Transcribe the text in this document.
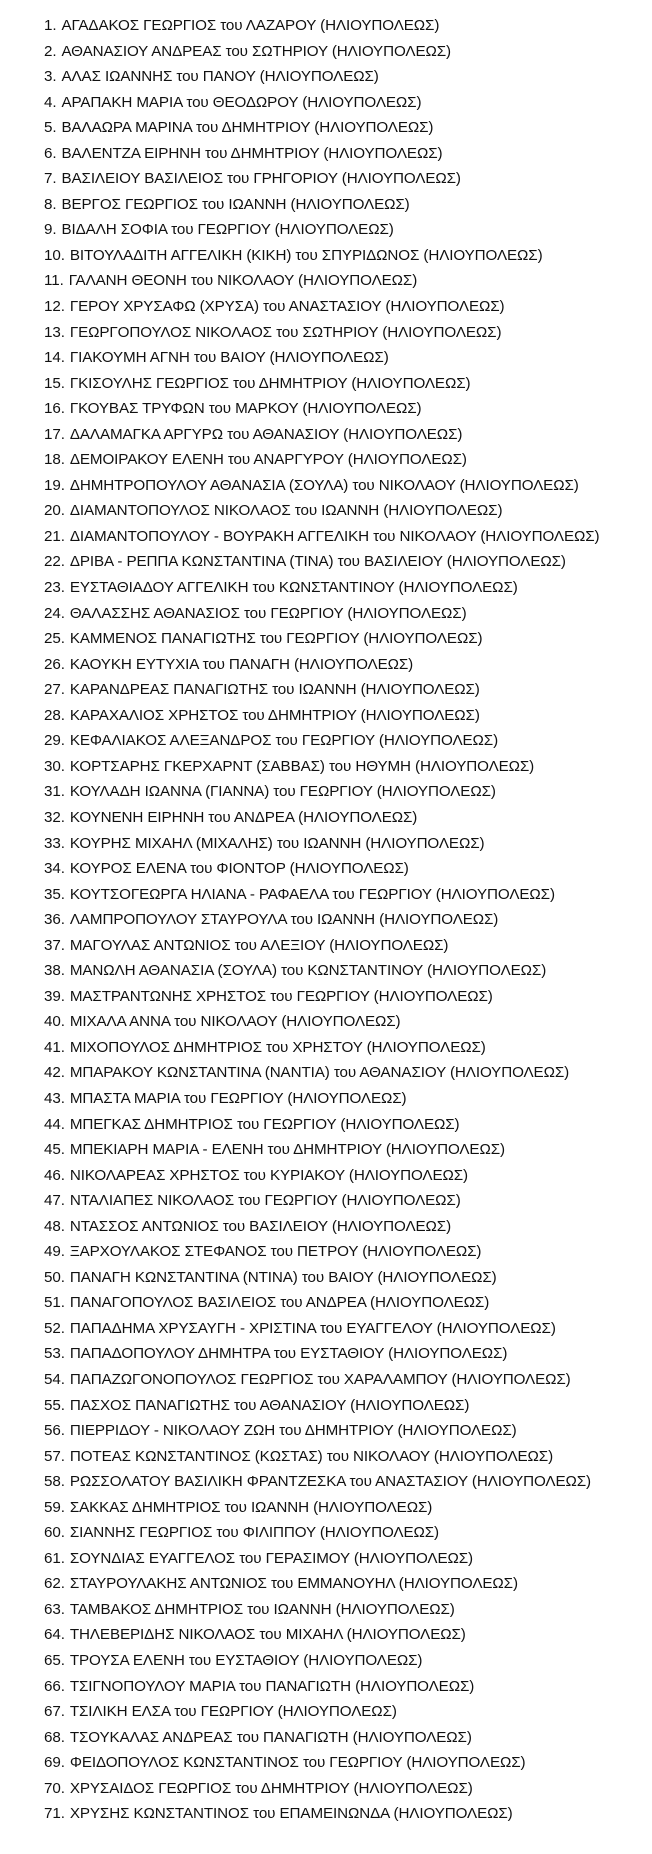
1. ΑΓΑΔΑΚΟΣ ΓΕΩΡΓΙΟΣ του ΛΑΖΑΡΟΥ (ΗΛΙΟΥΠΟΛΕΩΣ)
2. ΑΘΑΝΑΣΙΟΥ ΑΝΔΡΕΑΣ του ΣΩΤΗΡΙΟΥ (ΗΛΙΟΥΠΟΛΕΩΣ)
3. ΑΛΑΣ ΙΩΑΝΝΗΣ του ΠΑΝΟΥ (ΗΛΙΟΥΠΟΛΕΩΣ)
4. ΑΡΑΠΑΚΗ ΜΑΡΙΑ του ΘΕΟΔΩΡΟΥ (ΗΛΙΟΥΠΟΛΕΩΣ)
5. ΒΑΛΑΩΡΑ ΜΑΡΙΝΑ του ΔΗΜΗΤΡΙΟΥ (ΗΛΙΟΥΠΟΛΕΩΣ)
6. ΒΑΛΕΝΤΖΑ ΕΙΡΗΝΗ του ΔΗΜΗΤΡΙΟΥ (ΗΛΙΟΥΠΟΛΕΩΣ)
7. ΒΑΣΙΛΕΙΟΥ ΒΑΣΙΛΕΙΟΣ του ΓΡΗΓΟΡΙΟΥ (ΗΛΙΟΥΠΟΛΕΩΣ)
8. ΒΕΡΓΟΣ ΓΕΩΡΓΙΟΣ του ΙΩΑΝΝΗ (ΗΛΙΟΥΠΟΛΕΩΣ)
9. ΒΙΔΑΛΗ ΣΟΦΙΑ του ΓΕΩΡΓΙΟΥ (ΗΛΙΟΥΠΟΛΕΩΣ)
10. ΒΙΤΟΥΛΑΔΙΤΗ ΑΓΓΕΛΙΚΗ (ΚΙΚΗ) του ΣΠΥΡΙΔΩΝΟΣ (ΗΛΙΟΥΠΟΛΕΩΣ)
11. ΓΑΛΑΝΗ ΘΕΟΝΗ του ΝΙΚΟΛΑΟΥ (ΗΛΙΟΥΠΟΛΕΩΣ)
12. ΓΕΡΟΥ ΧΡΥΣΑΦΩ (ΧΡΥΣΑ) του ΑΝΑΣΤΑΣΙΟΥ (ΗΛΙΟΥΠΟΛΕΩΣ)
13. ΓΕΩΡΓΟΠΟΥΛΟΣ ΝΙΚΟΛΑΟΣ του ΣΩΤΗΡΙΟΥ (ΗΛΙΟΥΠΟΛΕΩΣ)
14. ΓΙΑΚΟΥΜΗ ΑΓΝΗ του ΒΑΙΟΥ (ΗΛΙΟΥΠΟΛΕΩΣ)
15. ΓΚΙΣΟΥΛΗΣ ΓΕΩΡΓΙΟΣ του ΔΗΜΗΤΡΙΟΥ (ΗΛΙΟΥΠΟΛΕΩΣ)
16. ΓΚΟΥΒΑΣ ΤΡΥΦΩΝ του ΜΑΡΚΟΥ (ΗΛΙΟΥΠΟΛΕΩΣ)
17. ΔΑΛΑΜΑΓΚΑ ΑΡΓΥΡΩ του ΑΘΑΝΑΣΙΟΥ (ΗΛΙΟΥΠΟΛΕΩΣ)
18. ΔΕΜΟΙΡΑΚΟΥ ΕΛΕΝΗ του ΑΝΑΡΓΥΡΟΥ (ΗΛΙΟΥΠΟΛΕΩΣ)
19. ΔΗΜΗΤΡΟΠΟΥΛΟΥ ΑΘΑΝΑΣΙΑ (ΣΟΥΛΑ) του ΝΙΚΟΛΑΟΥ (ΗΛΙΟΥΠΟΛΕΩΣ)
20. ΔΙΑΜΑΝΤΟΠΟΥΛΟΣ ΝΙΚΟΛΑΟΣ του ΙΩΑΝΝΗ (ΗΛΙΟΥΠΟΛΕΩΣ)
21. ΔΙΑΜΑΝΤΟΠΟΥΛΟΥ - ΒΟΥΡΑΚΗ ΑΓΓΕΛΙΚΗ του ΝΙΚΟΛΑΟΥ (ΗΛΙΟΥΠΟΛΕΩΣ)
22. ΔΡΙΒΑ - ΡΕΠΠΑ ΚΩΝΣΤΑΝΤΙΝΑ (ΤΙΝΑ) του ΒΑΣΙΛΕΙΟΥ (ΗΛΙΟΥΠΟΛΕΩΣ)
23. ΕΥΣΤΑΘΙΑΔΟΥ ΑΓΓΕΛΙΚΗ του ΚΩΝΣΤΑΝΤΙΝΟΥ (ΗΛΙΟΥΠΟΛΕΩΣ)
24. ΘΑΛΑΣΣΗΣ ΑΘΑΝΑΣΙΟΣ του ΓΕΩΡΓΙΟΥ (ΗΛΙΟΥΠΟΛΕΩΣ)
25. ΚΑΜΜΕΝΟΣ ΠΑΝΑΓΙΩΤΗΣ του ΓΕΩΡΓΙΟΥ (ΗΛΙΟΥΠΟΛΕΩΣ)
26. ΚΑΟΥΚΗ ΕΥΤΥΧΙΑ του ΠΑΝΑΓΗ (ΗΛΙΟΥΠΟΛΕΩΣ)
27. ΚΑΡΑΝΔΡΕΑΣ ΠΑΝΑΓΙΩΤΗΣ του ΙΩΑΝΝΗ (ΗΛΙΟΥΠΟΛΕΩΣ)
28. ΚΑΡΑΧΑΛΙΟΣ ΧΡΗΣΤΟΣ του ΔΗΜΗΤΡΙΟΥ (ΗΛΙΟΥΠΟΛΕΩΣ)
29. ΚΕΦΑΛΙΑΚΟΣ ΑΛΕΞΑΝΔΡΟΣ του ΓΕΩΡΓΙΟΥ (ΗΛΙΟΥΠΟΛΕΩΣ)
30. ΚΟΡΤΣΑΡΗΣ ΓΚΕΡΧΑΡΝΤ (ΣΑΒΒΑΣ) του ΗΘΥΜΗ (ΗΛΙΟΥΠΟΛΕΩΣ)
31. ΚΟΥΛΑΔΗ ΙΩΑΝΝΑ (ΓΙΑΝΝΑ) του ΓΕΩΡΓΙΟΥ (ΗΛΙΟΥΠΟΛΕΩΣ)
32. ΚΟΥΝΕΝΗ ΕΙΡΗΝΗ του ΑΝΔΡΕΑ (ΗΛΙΟΥΠΟΛΕΩΣ)
33. ΚΟΥΡΗΣ ΜΙΧΑΗΛ (ΜΙΧΑΛΗΣ) του ΙΩΑΝΝΗ (ΗΛΙΟΥΠΟΛΕΩΣ)
34. ΚΟΥΡΟΣ ΕΛΕΝΑ του ΦΙΟΝΤΟΡ (ΗΛΙΟΥΠΟΛΕΩΣ)
35. ΚΟΥΤΣΟΓΕΩΡΓΑ ΗΛΙΑΝΑ - ΡΑΦΑΕΛΑ του ΓΕΩΡΓΙΟΥ (ΗΛΙΟΥΠΟΛΕΩΣ)
36. ΛΑΜΠΡΟΠΟΥΛΟΥ ΣΤΑΥΡΟΥΛΑ του ΙΩΑΝΝΗ (ΗΛΙΟΥΠΟΛΕΩΣ)
37. ΜΑΓΟΥΛΑΣ ΑΝΤΩΝΙΟΣ του ΑΛΕΞΙΟΥ (ΗΛΙΟΥΠΟΛΕΩΣ)
38. ΜΑΝΩΛΗ ΑΘΑΝΑΣΙΑ (ΣΟΥΛΑ) του ΚΩΝΣΤΑΝΤΙΝΟΥ (ΗΛΙΟΥΠΟΛΕΩΣ)
39. ΜΑΣΤΡΑΝΤΩΝΗΣ ΧΡΗΣΤΟΣ του ΓΕΩΡΓΙΟΥ (ΗΛΙΟΥΠΟΛΕΩΣ)
40. ΜΙΧΑΛΑ ΑΝΝΑ του ΝΙΚΟΛΑΟΥ (ΗΛΙΟΥΠΟΛΕΩΣ)
41. ΜΙΧΟΠΟΥΛΟΣ ΔΗΜΗΤΡΙΟΣ του ΧΡΗΣΤΟΥ (ΗΛΙΟΥΠΟΛΕΩΣ)
42. ΜΠΑΡΑΚΟΥ ΚΩΝΣΤΑΝΤΙΝΑ (ΝΑΝΤΙΑ) του ΑΘΑΝΑΣΙΟΥ (ΗΛΙΟΥΠΟΛΕΩΣ)
43. ΜΠΑΣΤΑ ΜΑΡΙΑ του ΓΕΩΡΓΙΟΥ (ΗΛΙΟΥΠΟΛΕΩΣ)
44. ΜΠΕΓΚΑΣ ΔΗΜΗΤΡΙΟΣ του ΓΕΩΡΓΙΟΥ (ΗΛΙΟΥΠΟΛΕΩΣ)
45. ΜΠΕΚΙΑΡΗ ΜΑΡΙΑ - ΕΛΕΝΗ του ΔΗΜΗΤΡΙΟΥ (ΗΛΙΟΥΠΟΛΕΩΣ)
46. ΝΙΚΟΛΑΡΕΑΣ ΧΡΗΣΤΟΣ του ΚΥΡΙΑΚΟΥ (ΗΛΙΟΥΠΟΛΕΩΣ)
47. ΝΤΑΛΙΑΠΕΣ ΝΙΚΟΛΑΟΣ του ΓΕΩΡΓΙΟΥ (ΗΛΙΟΥΠΟΛΕΩΣ)
48. ΝΤΑΣΣΟΣ ΑΝΤΩΝΙΟΣ του ΒΑΣΙΛΕΙΟΥ (ΗΛΙΟΥΠΟΛΕΩΣ)
49. ΞΑΡΧΟΥΛΑΚΟΣ ΣΤΕΦΑΝΟΣ του ΠΕΤΡΟΥ (ΗΛΙΟΥΠΟΛΕΩΣ)
50. ΠΑΝΑΓΗ ΚΩΝΣΤΑΝΤΙΝΑ (ΝΤΙΝΑ) του ΒΑΙΟΥ (ΗΛΙΟΥΠΟΛΕΩΣ)
51. ΠΑΝΑΓΟΠΟΥΛΟΣ ΒΑΣΙΛΕΙΟΣ του ΑΝΔΡΕΑ (ΗΛΙΟΥΠΟΛΕΩΣ)
52. ΠΑΠΑΔΗΜΑ ΧΡΥΣΑΥΓΗ - ΧΡΙΣΤΙΝΑ του ΕΥΑΓΓΕΛΟΥ (ΗΛΙΟΥΠΟΛΕΩΣ)
53. ΠΑΠΑΔΟΠΟΥΛΟΥ ΔΗΜΗΤΡΑ του ΕΥΣΤΑΘΙΟΥ (ΗΛΙΟΥΠΟΛΕΩΣ)
54. ΠΑΠΑΖΩΓΟΝΟΠΟΥΛΟΣ ΓΕΩΡΓΙΟΣ του ΧΑΡΑΛΑΜΠΟΥ (ΗΛΙΟΥΠΟΛΕΩΣ)
55. ΠΑΣΧΟΣ ΠΑΝΑΓΙΩΤΗΣ του ΑΘΑΝΑΣΙΟΥ (ΗΛΙΟΥΠΟΛΕΩΣ)
56. ΠΙΕΡΡΙΔΟΥ - ΝΙΚΟΛΑΟΥ ΖΩΗ του ΔΗΜΗΤΡΙΟΥ (ΗΛΙΟΥΠΟΛΕΩΣ)
57. ΠΟΤΕΑΣ ΚΩΝΣΤΑΝΤΙΝΟΣ (ΚΩΣΤΑΣ) του ΝΙΚΟΛΑΟΥ (ΗΛΙΟΥΠΟΛΕΩΣ)
58. ΡΩΣΣΟΛΑΤΟΥ ΒΑΣΙΛΙΚΗ ΦΡΑΝΤΖΕΣΚΑ του ΑΝΑΣΤΑΣΙΟΥ (ΗΛΙΟΥΠΟΛΕΩΣ)
59. ΣΑΚΚΑΣ ΔΗΜΗΤΡΙΟΣ του ΙΩΑΝΝΗ (ΗΛΙΟΥΠΟΛΕΩΣ)
60. ΣΙΑΝΝΗΣ ΓΕΩΡΓΙΟΣ του ΦΙΛΙΠΠΟΥ (ΗΛΙΟΥΠΟΛΕΩΣ)
61. ΣΟΥΝΔΙΑΣ ΕΥΑΓΓΕΛΟΣ του ΓΕΡΑΣΙΜΟΥ (ΗΛΙΟΥΠΟΛΕΩΣ)
62. ΣΤΑΥΡΟΥΛΑΚΗΣ ΑΝΤΩΝΙΟΣ του ΕΜΜΑΝΟΥΗΛ (ΗΛΙΟΥΠΟΛΕΩΣ)
63. ΤΑΜΒΑΚΟΣ ΔΗΜΗΤΡΙΟΣ του ΙΩΑΝΝΗ (ΗΛΙΟΥΠΟΛΕΩΣ)
64. ΤΗΛΕΒΕΡΙΔΗΣ ΝΙΚΟΛΑΟΣ του ΜΙΧΑΗΛ (ΗΛΙΟΥΠΟΛΕΩΣ)
65. ΤΡΟΥΣΑ ΕΛΕΝΗ του ΕΥΣΤΑΘΙΟΥ (ΗΛΙΟΥΠΟΛΕΩΣ)
66. ΤΣΙΓΝΟΠΟΥΛΟΥ ΜΑΡΙΑ του ΠΑΝΑΓΙΩΤΗ (ΗΛΙΟΥΠΟΛΕΩΣ)
67. ΤΣΙΛΙΚΗ ΕΛΣΑ του ΓΕΩΡΓΙΟΥ (ΗΛΙΟΥΠΟΛΕΩΣ)
68. ΤΣΟΥΚΑΛΑΣ ΑΝΔΡΕΑΣ του ΠΑΝΑΓΙΩΤΗ (ΗΛΙΟΥΠΟΛΕΩΣ)
69. ΦΕΙΔΟΠΟΥΛΟΣ ΚΩΝΣΤΑΝΤΙΝΟΣ του ΓΕΩΡΓΙΟΥ (ΗΛΙΟΥΠΟΛΕΩΣ)
70. ΧΡΥΣΑΙΔΟΣ ΓΕΩΡΓΙΟΣ του ΔΗΜΗΤΡΙΟΥ (ΗΛΙΟΥΠΟΛΕΩΣ)
71. ΧΡΥΣΗΣ ΚΩΝΣΤΑΝΤΙΝΟΣ του ΕΠΑΜΕΙΝΩΝΔΑ (ΗΛΙΟΥΠΟΛΕΩΣ)
